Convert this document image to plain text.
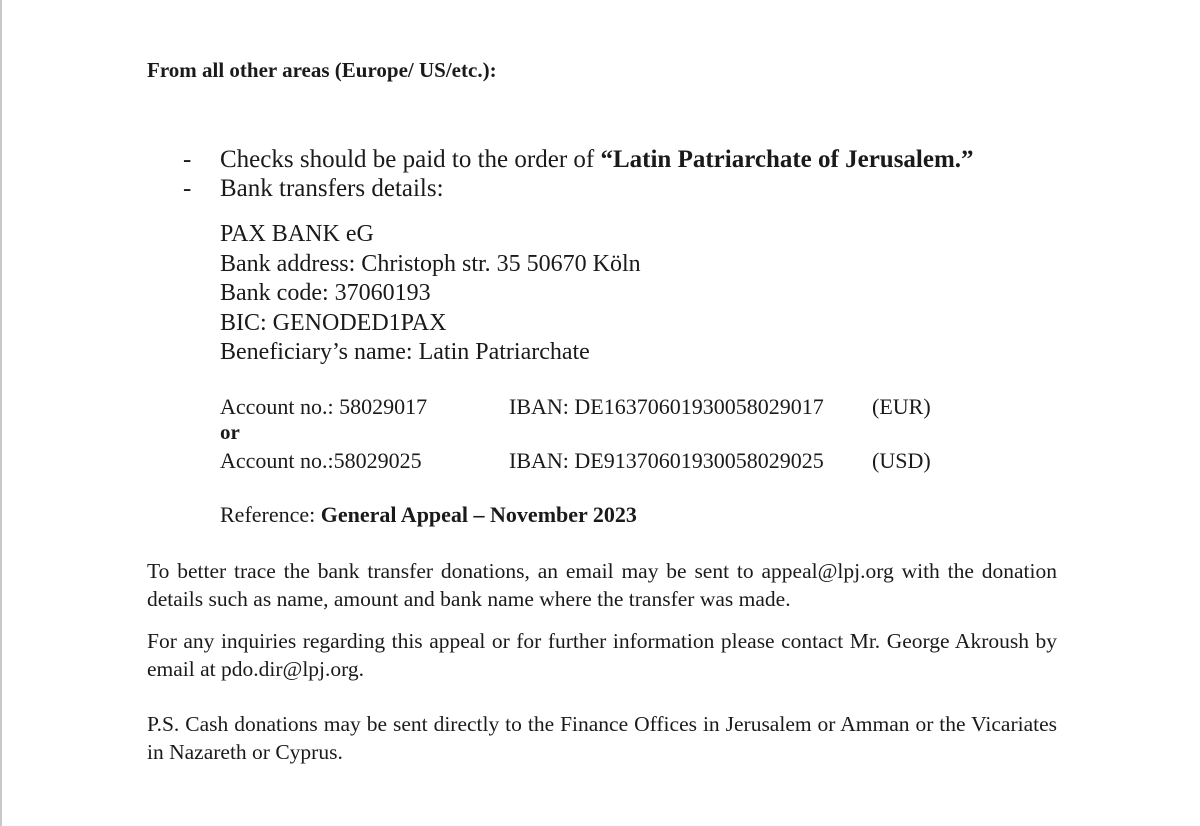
From all other areas (Europe/ US/etc.):
-	Checks should be paid to the order of “Latin Patriarchate of Jerusalem.”
-	Bank transfers details:
PAX BANK eG
Bank address: Christoph str. 35 50670 Köln
Bank code: 37060193
BIC: GENODED1PAX
Beneficiary’s name: Latin Patriarchate
Account no.: 58029017	IBAN: DE16370601930058029017 (EUR)
or
Account no.:58029025	IBAN: DE91370601930058029025 (USD)
Reference: General Appeal – November 2023
To better trace the bank transfer donations, an email may be sent to appeal@lpj.org with the donation details such as name, amount and bank name where the transfer was made.
For any inquiries regarding this appeal or for further information please contact Mr. George Akroush by email at pdo.dir@lpj.org.
P.S. Cash donations may be sent directly to the Finance Offices in Jerusalem or Amman or the Vicariates in Nazareth or Cyprus.
